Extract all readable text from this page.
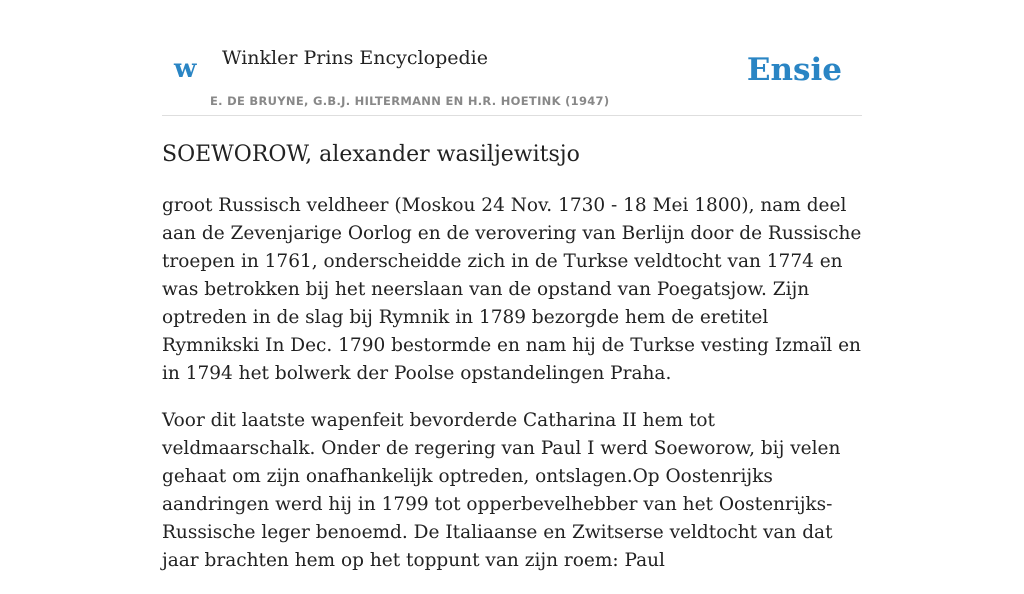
w Winkler Prins Encyclopedie
E. DE BRUYNE, G.B.J. HILTERMANN EN H.R. HOETINK (1947)
Ensie
SOEWOROW, alexander wasiljewitsjo

groot Russisch veldheer (Moskou 24 Nov. 1730 - 18 Mei 1800), nam deel aan de Zevenjarige Oorlog en de verovering van Berlijn door de Russische troepen in 1761, onderscheidde zich in de Turkse veldtocht van 1774 en was betrokken bij het neerslaan van de opstand van Poegatsjow. Zijn optreden in de slag bij Rymnik in 1789 bezorgde hem de eretitel Rymnikski In Dec. 1790 bestormde en nam hij de Turkse vesting Izmaïl en in 1794 het bolwerk der Poolse opstandelingen Praha.

Voor dit laatste wapenfeit bevorderde Catharina II hem tot veldmaarschalk. Onder de regering van Paul I werd Soeworow, bij velen gehaat om zijn onafhankelijk optreden, ontslagen.Op Oostenrijks aandringen werd hij in 1799 tot opperbevelhebber van het Oostenrijks-Russische leger benoemd. De Italiaanse en Zwitserse veldtocht van dat jaar brachten hem op het toppunt van zijn roem: Paul
